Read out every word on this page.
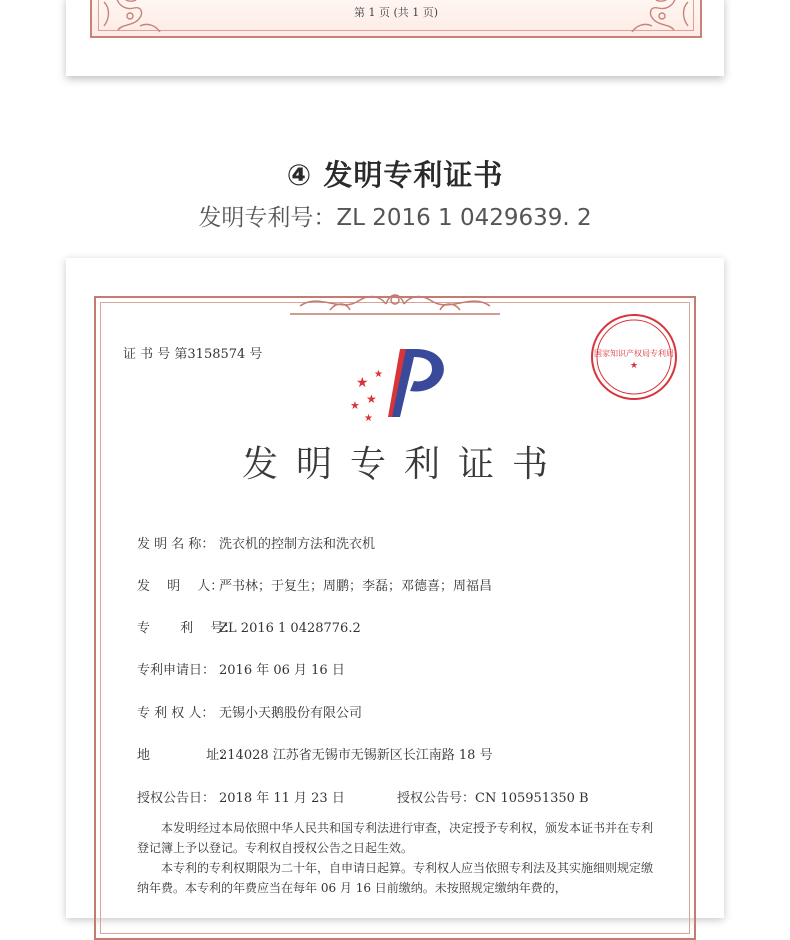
第 1 页 (共 1 页)
④ 发明专利证书
发明专利号：ZL 2016 1 0429639. 2
证 书 号 第3158574 号	国家知识产权局专利局
★
★
★
★
★
★
发明专利证书
发 明 名 称： 洗衣机的控制方法和洗衣机
发　 明　 人：严书林；于复生；周鹏；李磊；邓德喜；周福昌
专　　 利　 号：ZL 2016 1 0428776.2
专利申请日： 2016 年 06 月 16 日
专 利 权 人： 无锡小天鹅股份有限公司
地　　　　 址：214028 江苏省无锡市无锡新区长江南路 18 号
授权公告日： 2018 年 11 月 23 日	授权公告号：CN 105951350 B
本发明经过本局依照中华人民共和国专利法进行审查，决定授予专利权，颁发本证书并在专利登记簿上予以登记。专利权自授权公告之日起生效。
本专利的专利权期限为二十年，自申请日起算。专利权人应当依照专利法及其实施细则规定缴纳年费。本专利的年费应当在每年 06 月 16 日前缴纳。未按照规定缴纳年费的，
